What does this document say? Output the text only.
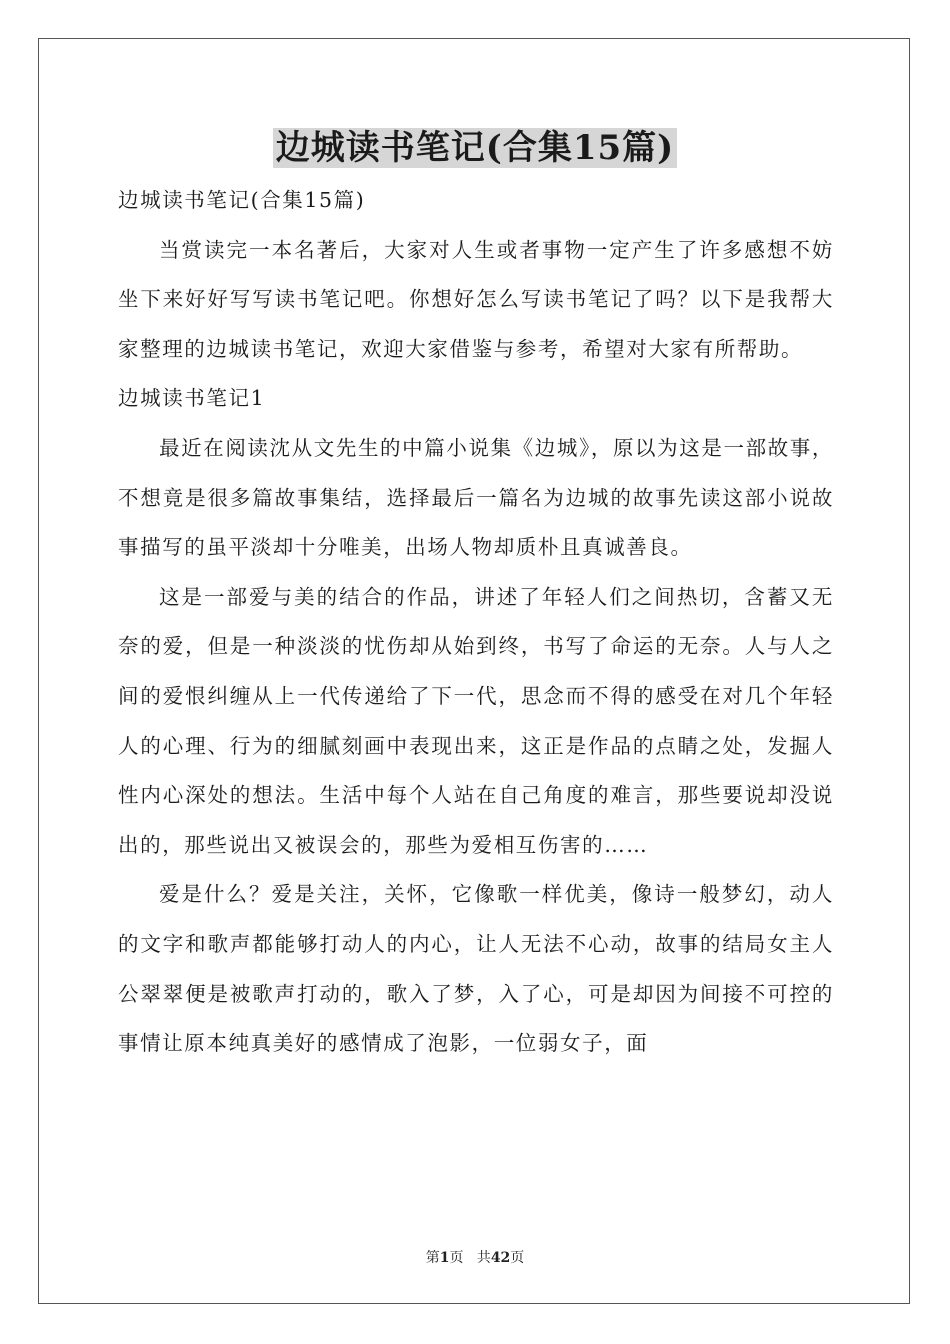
边城读书笔记(合集15篇)

边城读书笔记(合集15篇)

当赏读完一本名著后，大家对人生或者事物一定产生了许多感想不妨坐下来好好写写读书笔记吧。你想好怎么写读书笔记了吗？以下是我帮大家整理的边城读书笔记，欢迎大家借鉴与参考，希望对大家有所帮助。

边城读书笔记1

最近在阅读沈从文先生的中篇小说集《边城》，原以为这是一部故事，不想竟是很多篇故事集结，选择最后一篇名为边城的故事先读这部小说故事描写的虽平淡却十分唯美，出场人物却质朴且真诚善良。

这是一部爱与美的结合的作品，讲述了年轻人们之间热切，含蓄又无奈的爱，但是一种淡淡的忧伤却从始到终，书写了命运的无奈。人与人之间的爱恨纠缠从上一代传递给了下一代，思念而不得的感受在对几个年轻人的心理、行为的细腻刻画中表现出来，这正是作品的点睛之处，发掘人性内心深处的想法。生活中每个人站在自己角度的难言，那些要说却没说出的，那些说出又被误会的，那些为爱相互伤害的……

爱是什么？爱是关注，关怀，它像歌一样优美，像诗一般梦幻，动人的文字和歌声都能够打动人的内心，让人无法不心动，故事的结局女主人公翠翠便是被歌声打动的，歌入了梦，入了心，可是却因为间接不可控的事情让原本纯真美好的感情成了泡影，一位弱女子，面

第1页 共42页
